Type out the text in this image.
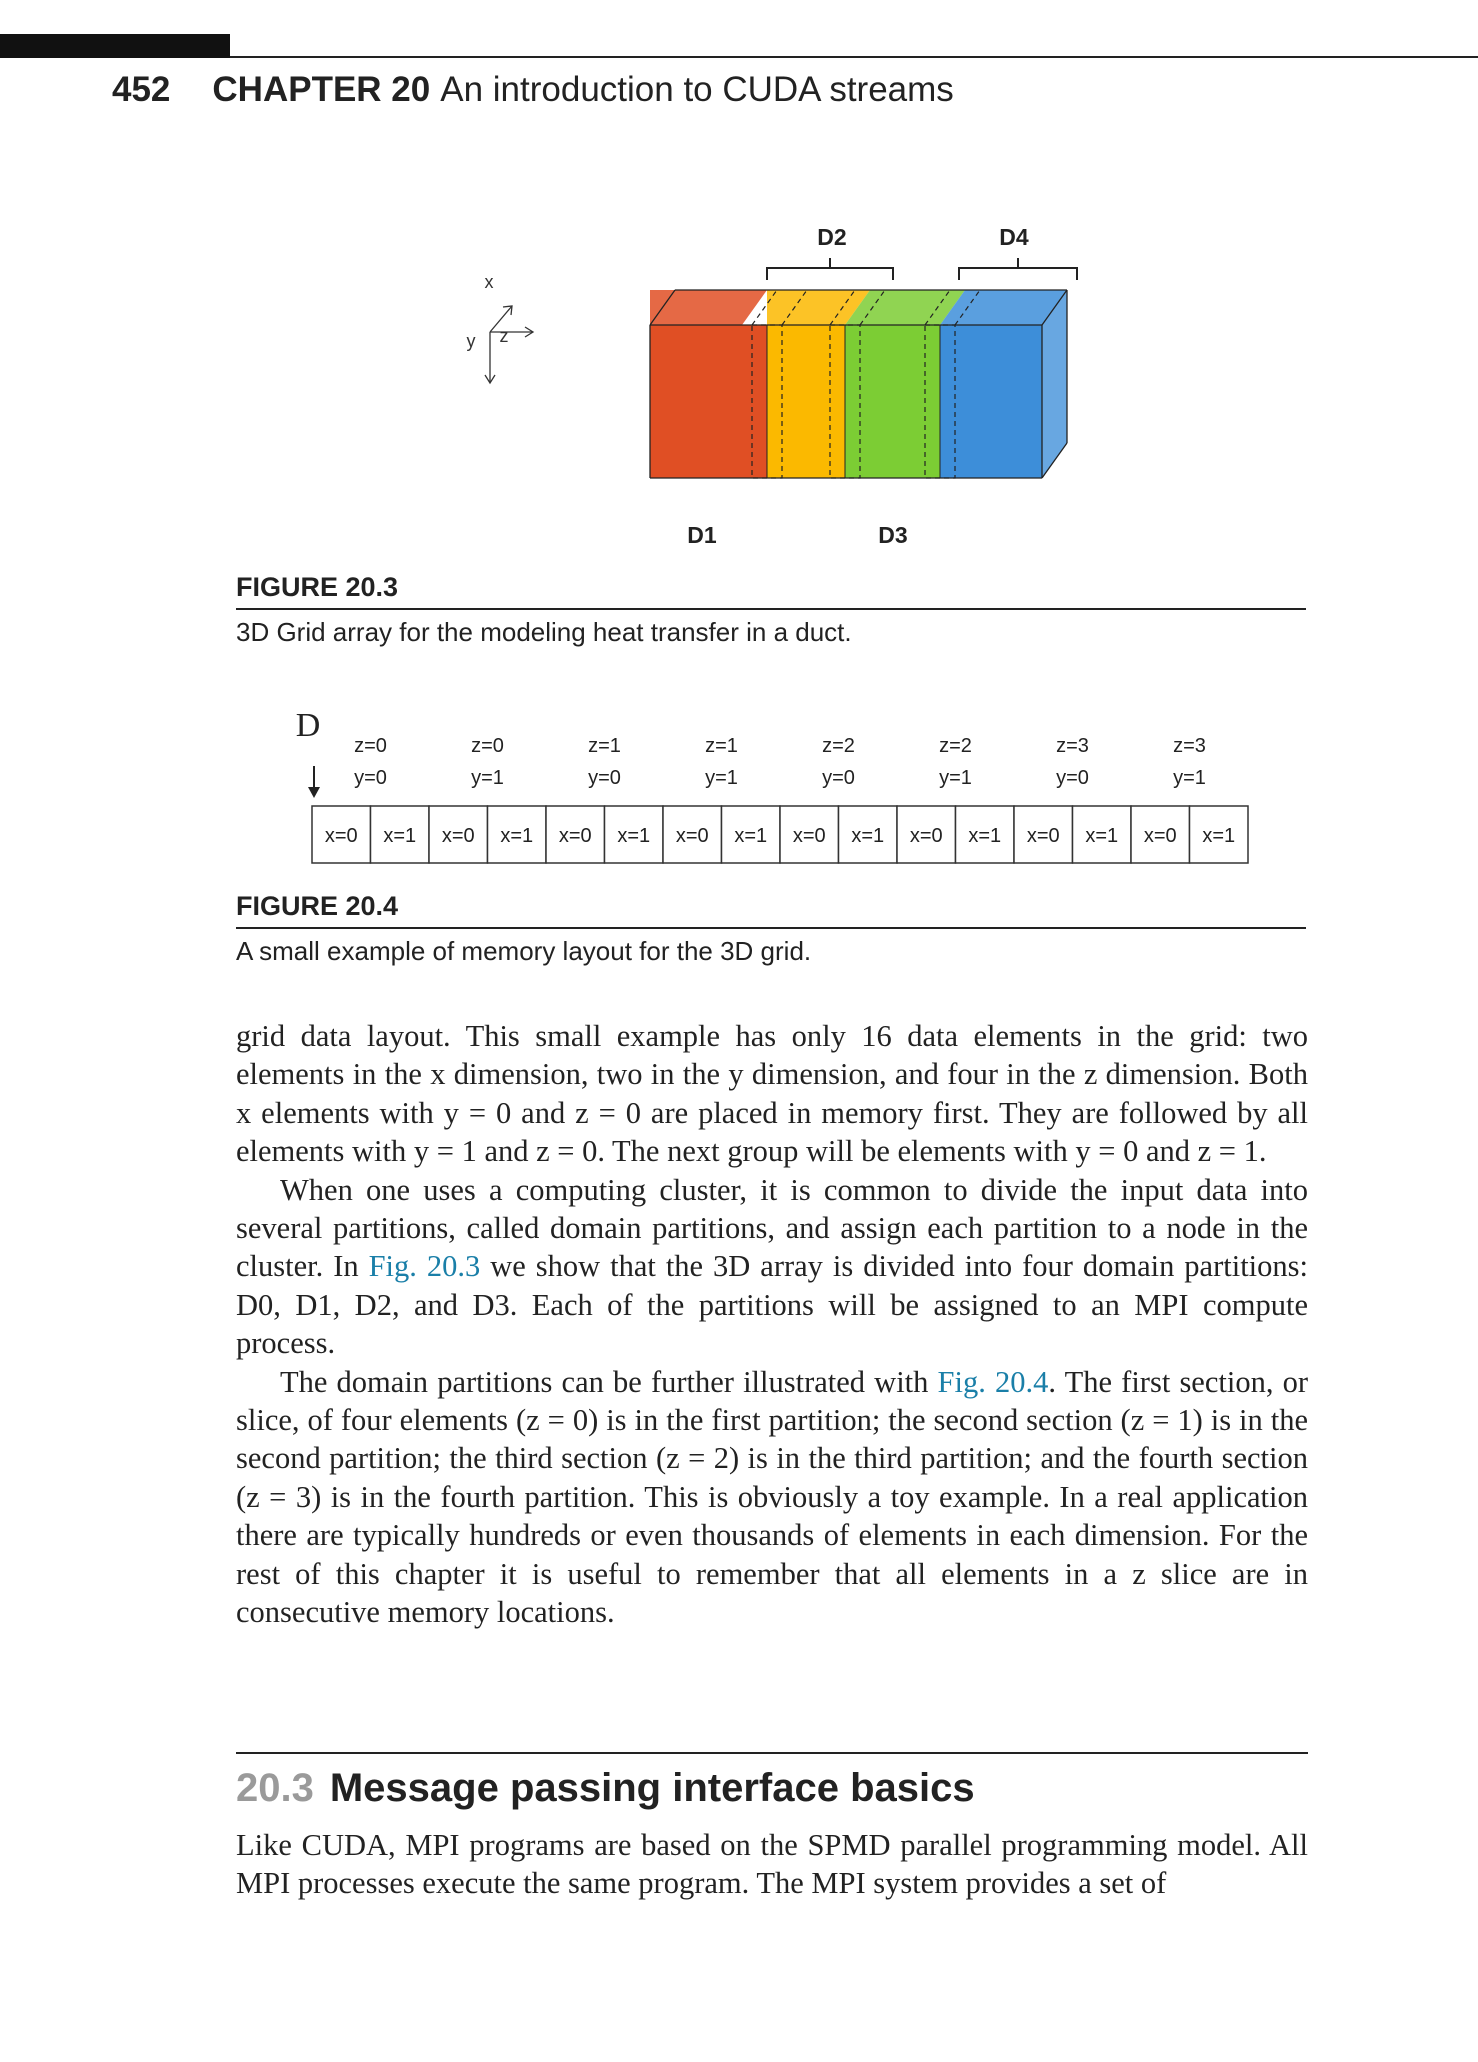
452 CHAPTER 20 An introduction to CUDA streams
x
y z
D1
D2
D3
D4
FIGURE 20.3
3D Grid array for the modeling heat transfer in a duct.
D
z=0
y=0
z=0
y=1
z=1
y=0
z=1
y=1
z=2
y=0
z=2
y=1
z=3
y=0
z=3
y=1
x=0 x=1 x=0 x=1 x=0 x=1 x=0 x=1 x=0 x=1 x=0 x=1 x=0 x=1 x=0 x=1
FIGURE 20.4
A small example of memory layout for the 3D grid.

grid data layout. This small example has only 16 data elements in the grid: two elements in the x dimension, two in the y dimension, and four in the z dimension. Both x elements with y = 0 and z = 0 are placed in memory first. They are followed by all elements with y = 1 and z = 0. The next group will be elements with y = 0 and z = 1.

When one uses a computing cluster, it is common to divide the input data into several partitions, called domain partitions, and assign each partition to a node in the cluster. In Fig. 20.3 we show that the 3D array is divided into four domain partitions: D0, D1, D2, and D3. Each of the partitions will be assigned to an MPI compute process.

The domain partitions can be further illustrated with Fig. 20.4. The first section, or slice, of four elements (z = 0) is in the first partition; the second section (z = 1) is in the second partition; the third section (z = 2) is in the third partition; and the fourth section (z = 3) is in the fourth partition. This is obviously a toy example. In a real application there are typically hundreds or even thousands of elements in each dimension. For the rest of this chapter it is useful to remember that all elements in a z slice are in consecutive memory locations.

20.3 Message passing interface basics

Like CUDA, MPI programs are based on the SPMD parallel programming model. All MPI processes execute the same program. The MPI system provides a set of
